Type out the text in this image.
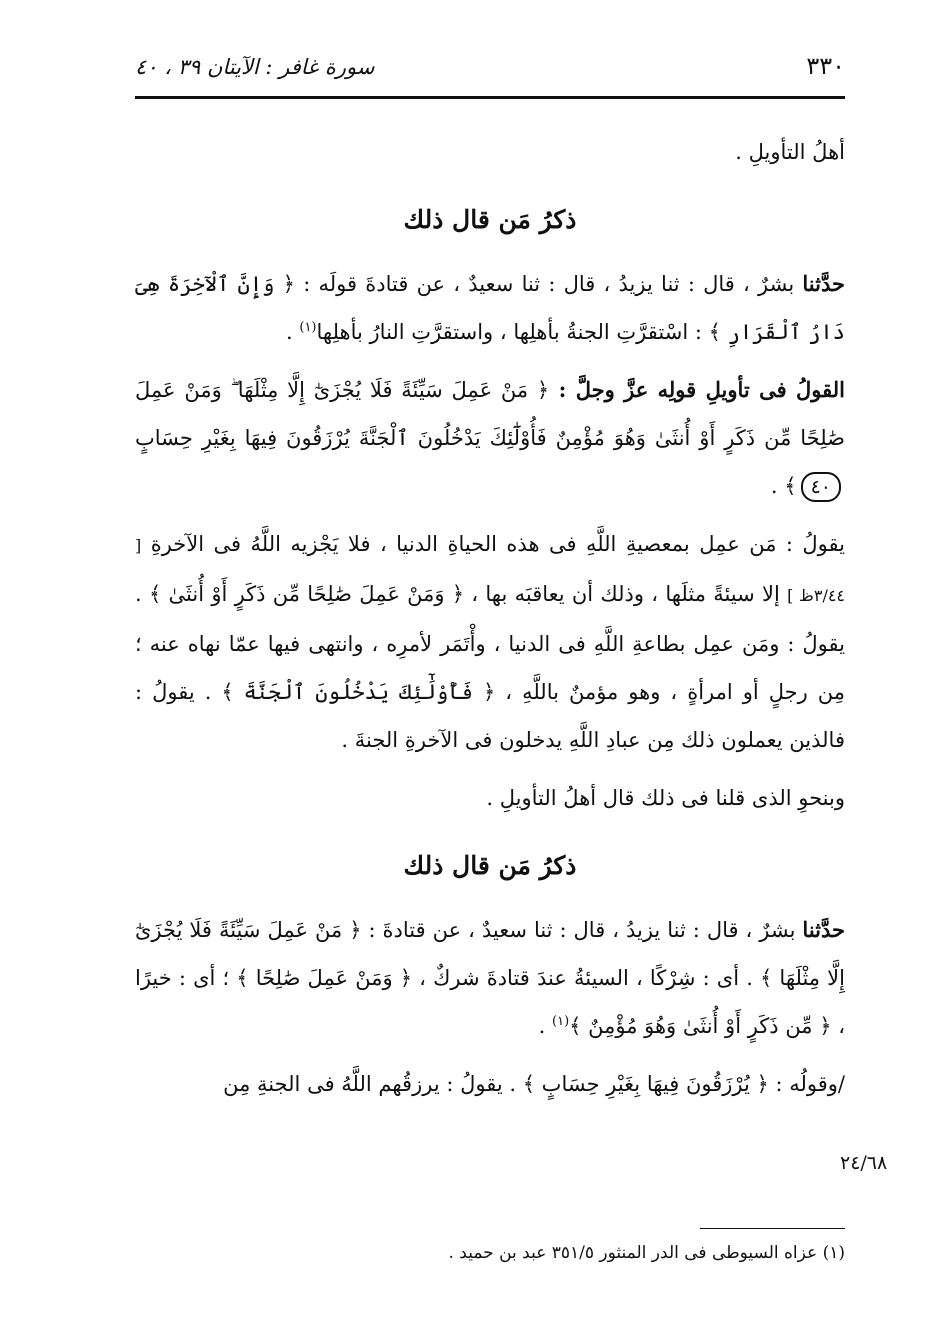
٣٣٠
سورة غافر : الآيتان ٣٩ ، ٤٠

أهلُ التأويلِ .

ذكرُ مَن قال ذلك

حدَّثنا بشرٌ ، قال : ثنا يزيدُ ، قال : ثنا سعيدٌ ، عن قتادةَ قولَه : ﴿ وَإِنَّ ٱلْآخِرَةَ هِىَ دَارُ ٱلْقَرَارِ ﴾ : اسْتقرَّتِ الجنةُ بأهلِها ، واستقرَّتِ النارُ بأهلِها$^{(١)}$ .

القولُ فى تأويلِ قولِه عزَّ وجلَّ : ﴿ مَنْ عَمِلَ سَيِّئَةً فَلَا يُجْزَىٰٓ إِلَّا مِثْلَهَا ۖ وَمَنْ عَمِلَ صَٰلِحًا مِّن ذَكَرٍ أَوْ أُنثَىٰ وَهُوَ مُؤْمِنٌ فَأُوْلَٰٓئِكَ يَدْخُلُونَ ٱلْجَنَّةَ يُرْزَقُونَ فِيهَا بِغَيْرِ حِسَابٍ ٤٠﴾ .

يقولُ : مَن عمِل بمعصيةِ اللَّهِ فى هذه الحياةِ الدنيا ، فلا يَجْزيه اللَّهُ فى الآخرةِ [ ٣/٤٤ظ ] إلا سيئةً مثلَها ، وذلك أن يعاقبَه بها ، ﴿ وَمَنْ عَمِلَ صَٰلِحًا مِّن ذَكَرٍ أَوْ أُنثَىٰ ﴾ . يقولُ : ومَن عمِل بطاعةِ اللَّهِ فى الدنيا ، وأْتَمَر لأمرِه ، وانتهى فيها عمّا نهاه عنه ؛ مِن رجلٍ أو امرأةٍ ، وهو مؤمنٌ باللَّهِ ، ﴿ فَأُوْلَٰٓئِكَ يَدْخُلُونَ ٱلْجَنَّةَ ﴾ . يقولُ : فالذين يعملون ذلك مِن عبادِ اللَّهِ يدخلون فى الآخرةِ الجنةَ .

وبنحوِ الذى قلنا فى ذلك قال أهلُ التأويلِ .

ذكرُ مَن قال ذلك

حدَّثنا بشرٌ ، قال : ثنا يزيدُ ، قال : ثنا سعيدٌ ، عن قتادةَ : ﴿ مَنْ عَمِلَ سَيِّئَةً فَلَا يُجْزَىٰٓ إِلَّا مِثْلَهَا ﴾ . أى : شِرْكًا ، السيئةُ عندَ قتادةَ شركٌ ، ﴿ وَمَنْ عَمِلَ صَٰلِحًا ﴾ ؛ أى : خيرًا ، ﴿ مِّن ذَكَرٍ أَوْ أُنثَىٰ وَهُوَ مُؤْمِنٌ ﴾$^{(١)}$ .

/وقولُه : ﴿ يُرْزَقُونَ فِيهَا بِغَيْرِ حِسَابٍ ﴾ . يقولُ : يرزقُهم اللَّهُ فى الجنةِ مِن

٢٤/٦٨
(١) عزاه السيوطى فى الدر المنثور ٣٥١/٥ عبد بن حميد .
